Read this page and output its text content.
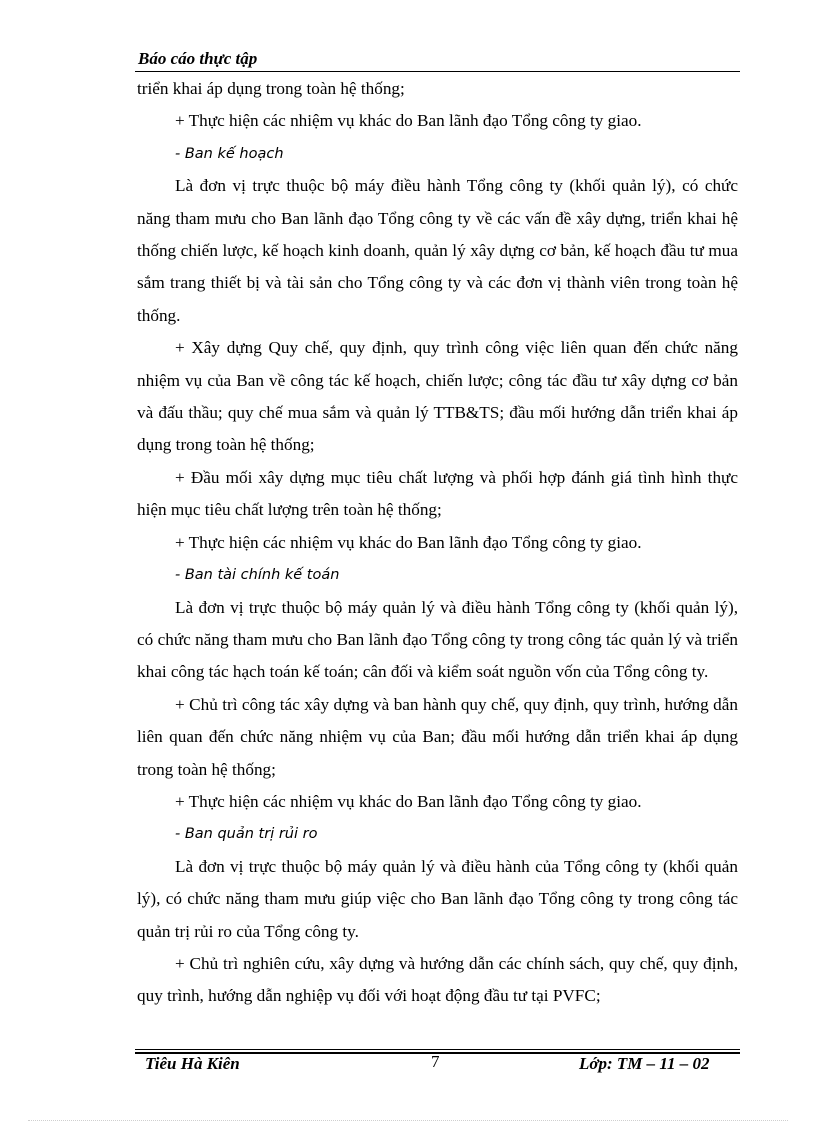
Báo cáo thực tập

triển khai áp dụng trong toàn hệ thống;

+ Thực hiện các nhiệm vụ khác do Ban lãnh đạo Tổng công ty giao.

- Ban kế hoạch

Là đơn vị trực thuộc bộ máy điều hành Tổng công ty (khối quản lý), có chức năng tham mưu cho Ban lãnh đạo Tổng công ty về các vấn đề xây dựng, triển khai hệ thống chiến lược, kế hoạch kinh doanh, quản lý xây dựng cơ bản, kế hoạch đầu tư mua sắm trang thiết bị và tài sản cho Tổng công ty và các đơn vị thành viên trong toàn hệ thống.

+ Xây dựng Quy chế, quy định, quy trình công việc liên quan đến chức năng nhiệm vụ của Ban về công tác kế hoạch, chiến lược; công tác đầu tư xây dựng cơ bản và đấu thầu; quy chế mua sắm và quản lý TTB&TS; đầu mối hướng dẫn triển khai áp dụng trong toàn hệ thống;

+ Đầu mối xây dựng mục tiêu chất lượng và phối hợp đánh giá tình hình thực hiện mục tiêu chất lượng trên toàn hệ thống;

+ Thực hiện các nhiệm vụ khác do Ban lãnh đạo Tổng công ty giao.

- Ban tài chính kế toán

Là đơn vị trực thuộc bộ máy quản lý và điều hành Tổng công ty (khối quản lý), có chức năng tham mưu cho Ban lãnh đạo Tổng công ty trong công tác quản lý và triển khai công tác hạch toán kế toán; cân đối và kiểm soát nguồn vốn của Tổng công ty.

+ Chủ trì công tác xây dựng và ban hành quy chế, quy định, quy trình, hướng dẫn liên quan đến chức năng nhiệm vụ của Ban; đầu mối hướng dẫn triển khai áp dụng trong toàn hệ thống;

+ Thực hiện các nhiệm vụ khác do Ban lãnh đạo Tổng công ty giao.

- Ban quản trị rủi ro

Là đơn vị trực thuộc bộ máy quản lý và điều hành của Tổng công ty (khối quản lý), có chức năng tham mưu giúp việc cho Ban lãnh đạo Tổng công ty trong công tác quản trị rủi ro của Tổng công ty.

+ Chủ trì nghiên cứu, xây dựng và hướng dẫn các chính sách, quy chế, quy định, quy trình, hướng dẫn nghiệp vụ đối với hoạt động đầu tư tại PVFC;

Tiêu Hà Kiên	7	Lớp: TM – 11 – 02
